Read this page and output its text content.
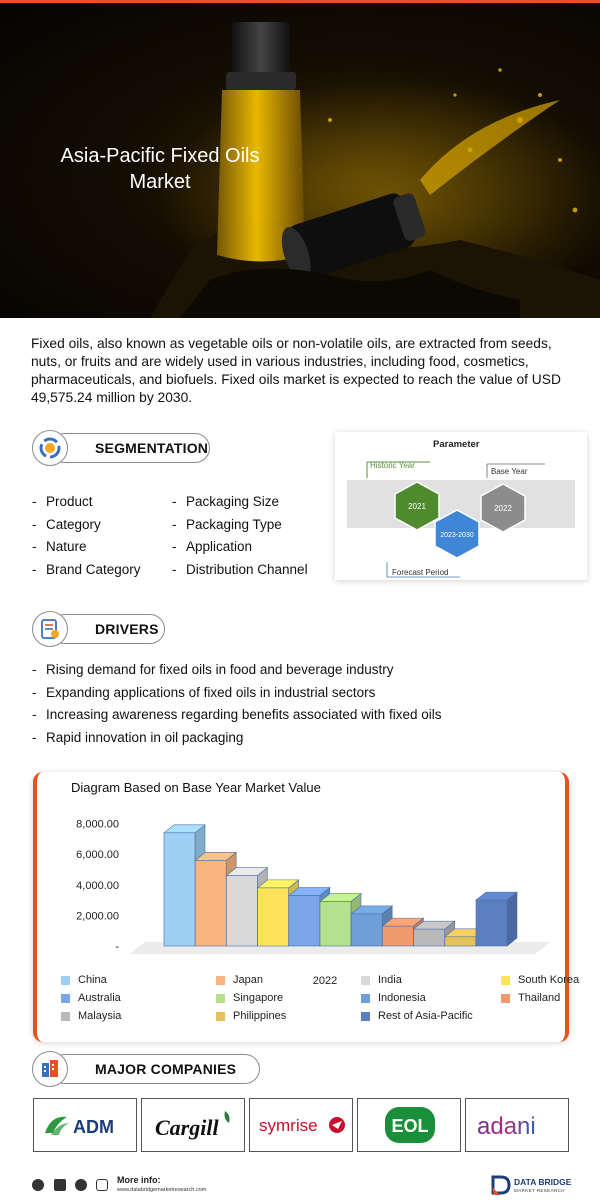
Asia-Pacific Fixed Oils
Market

Fixed oils, also known as vegetable oils or non-volatile oils, are extracted from seeds, nuts, or fruits and are widely used in various industries, including food, cosmetics, pharmaceuticals, and biofuels. Fixed oils market is expected to reach the value of USD 49,575.24 million by 2030.

SEGMENTATION
- Product
- Category
- Nature
- Brand Category
- Packaging Size
- Packaging Type
- Application
- Distribution Channel
Parameter
Historic Year
Base Year
Forecast Period
2021
2023-2030
2022
DRIVERS
- Rising demand for fixed oils in food and beverage industry
- Expanding applications of fixed oils in industrial sectors
- Increasing awareness regarding benefits associated with fixed oils
- Rapid innovation in oil packaging
Diagram Based on Base Year Market Value
8,000.00
6,000.00
4,000.00
2,000.00
-
2022
China	Japan	India	South Korea
Australia	Singapore	Indonesia	Thailand
Malaysia	Philippines	Rest of Asia-Pacific
MAJOR COMPANIES
ADM Cargill symrise	EOL adani
More info:
www.databridgemarketresearch.com
DATA BRIDGE
MARKET RESEARCH
